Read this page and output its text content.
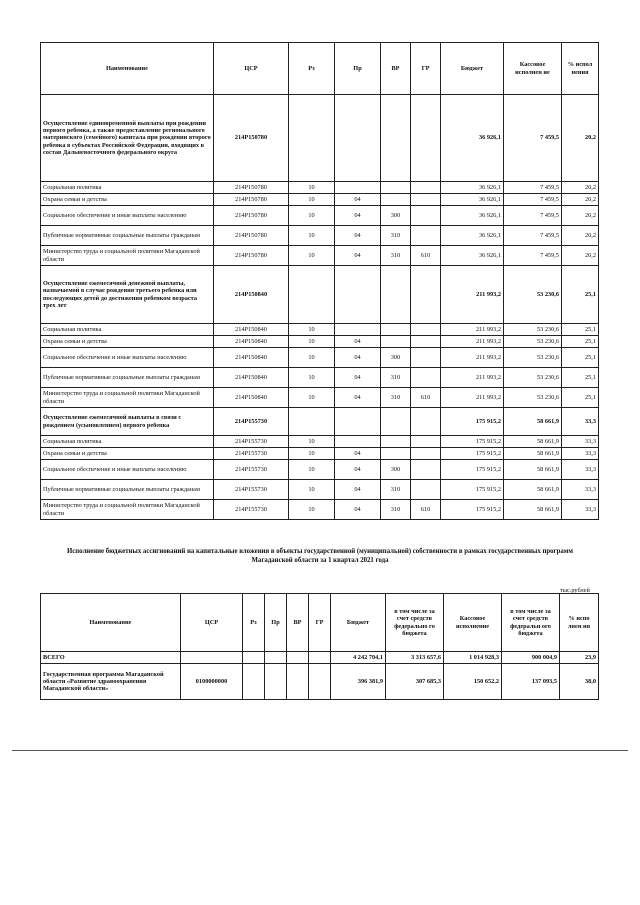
Наименование	ЦСР	Рз	Пр	ВР	ГР	Бюджет	Кассовое исполнен ие	% испол нения
Осуществление единовременной выплаты при рождении первого ребенка, а также предоставление регионального материнского (семейного) капитала при рождении второго ребенка в субъектах Российской Федерации, входящих в состав Дальневосточного федерального округа	214P150780					36 926,1	7 459,5	20,2
Социальная политика	214P150780	10				36 926,1	7 459,5	20,2
Охрана семьи и детства	214P150780	10	04			36 926,1	7 459,5	20,2
Социальное обеспечение и иные выплаты населению	214P150780	10	04	300		36 926,1	7 459,5	20,2
Публичные нормативные социальные выплаты гражданам	214P150780	10	04	310		36 926,1	7 459,5	20,2
Министерство труда и социальной политики Магаданской области	214P150780	10	04	310	610	36 926,1	7 459,5	20,2
Осуществление ежемесячной денежной выплаты, назначаемой в случае рождения третьего ребенка или последующих детей до достижения ребенком возраста трех лет	214P150840					211 993,2	53 230,6	25,1
Социальная политика	214P150840	10				211 993,2	53 230,6	25,1
Охрана семьи и детства	214P150840	10	04			211 993,2	53 230,6	25,1
Социальное обеспечение и иные выплаты населению	214P150840	10	04	300		211 993,2	53 230,6	25,1
Публичные нормативные социальные выплаты гражданам	214P150840	10	04	310		211 993,2	53 230,6	25,1
Министерство труда и социальной политики Магаданской области	214P150840	10	04	310	610	211 993,2	53 230,6	25,1
Осуществление ежемесячной выплаты в связи с рождением (усыновлением) первого ребенка	214P155730					175 915,2	58 661,9	33,3
Социальная политика	214P155730	10				175 915,2	58 661,9	33,3
Охрана семьи и детства	214P155730	10	04			175 915,2	58 661,9	33,3
Социальное обеспечение и иные выплаты населению	214P155730	10	04	300		175 915,2	58 661,9	33,3
Публичные нормативные социальные выплаты гражданам	214P155730	10	04	310		175 915,2	58 661,9	33,3
Министерство труда и социальной политики Магаданской области	214P155730	10	04	310	610	175 915,2	58 661,9	33,3
Исполнение бюджетных ассигнований на капитальные вложения в объекты государственной (муниципальной) собственности в рамках государственных программ Магаданской области за 1 квартал 2021 года
тыс.рублей
Наименование	ЦСР	Рз	Пр	ВР	ГР	Бюджет	в том числе за счет средств федерально го бюджета	Кассовое исполнение	в том числе за счет средств федеральн ого бюджета	% испо лнен ия
ВСЕГО						4 242 704,1	3 313 657,6	1 014 928,3	900 004,9	23,9
Государственная программа Магаданской области «Развитие здравоохранения Магаданской области»	0100000000					396 381,9	307 685,3	150 652,2	137 093,5	38,0
